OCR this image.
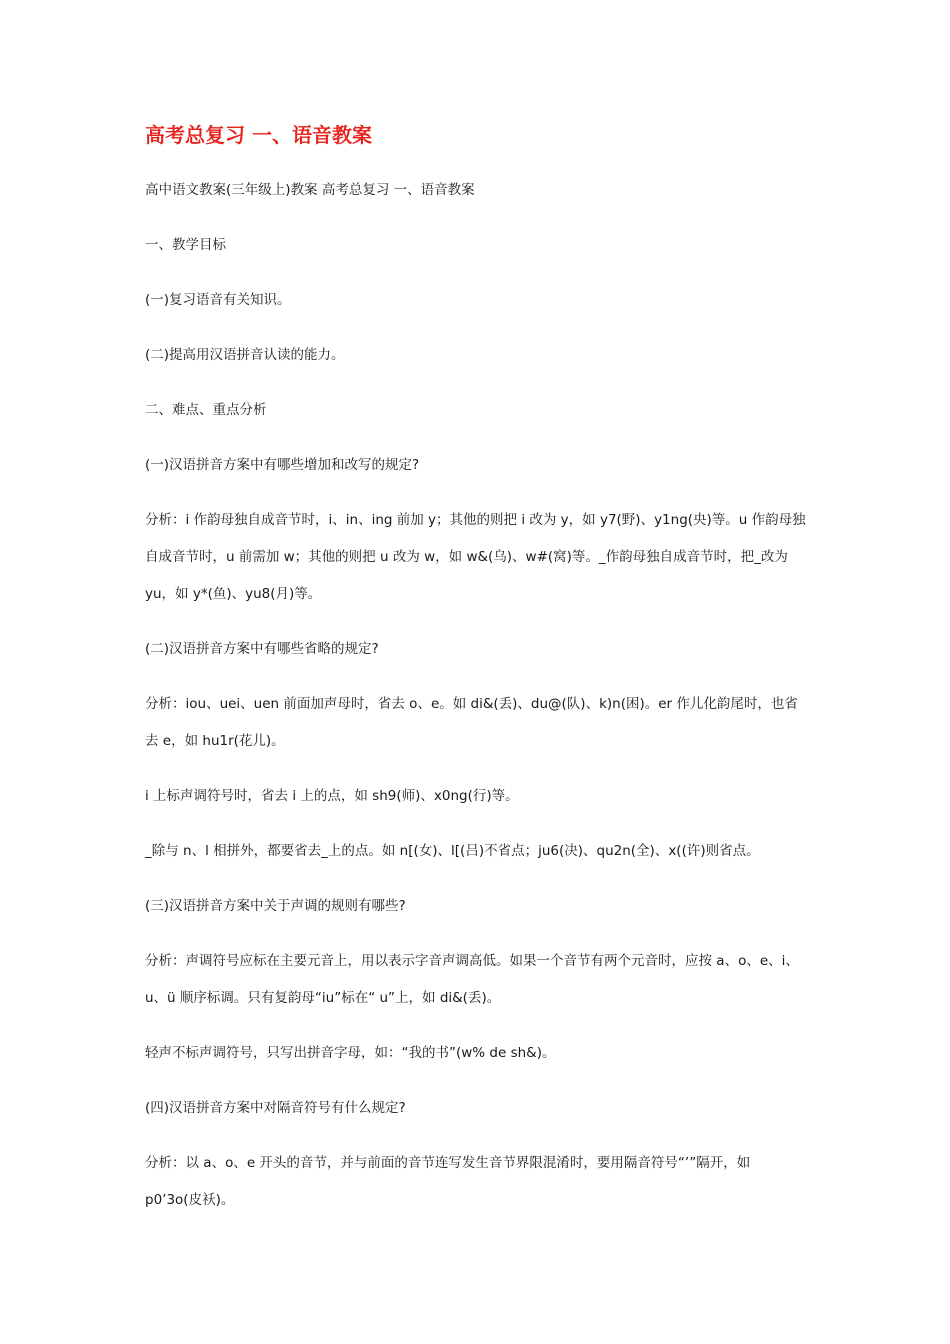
高考总复习 一、语音教案

高中语文教案(三年级上)教案 高考总复习 一、语音教案

一、教学目标

(一)复习语音有关知识。

(二)提高用汉语拼音认读的能力。

二、难点、重点分析

(一)汉语拼音方案中有哪些增加和改写的规定?

分析：i 作韵母独自成音节时，i、in、ing 前加 y；其他的则把 i 改为 y，如 y7(野)、y1ng(央)等。u 作韵母独自成音节时，u 前需加 w；其他的则把 u 改为 w，如 w&(乌)、w#(窝)等。_作韵母独自成音节时，把_改为 yu，如 y*(鱼)、yu8(月)等。

(二)汉语拼音方案中有哪些省略的规定?

分析：iou、uei、uen 前面加声母时，省去 o、e。如 di&(丢)、du@(队)、k)n(困)。er 作儿化韵尾时，也省去 e，如 hu1r(花儿)。

i 上标声调符号时，省去 i 上的点，如 sh9(师)、x0ng(行)等。

_除与 n、l 相拼外，都要省去_上的点。如 n[(女)、l[(吕)不省点；ju6(决)、qu2n(全)、x((许)则省点。

(三)汉语拼音方案中关于声调的规则有哪些?

分析：声调符号应标在主要元音上，用以表示字音声调高低。如果一个音节有两个元音时，应按 a、o、e、i、u、ü 顺序标调。只有复韵母“iu”标在“ u”上，如 di&(丢)。

轻声不标声调符号，只写出拼音字母，如：“我的书”(w% de sh&)。

(四)汉语拼音方案中对隔音符号有什么规定?

分析：以 a、o、e 开头的音节，并与前面的音节连写发生音节界限混淆时，要用隔音符号“’”隔开，如 p0’3o(皮袄)。
